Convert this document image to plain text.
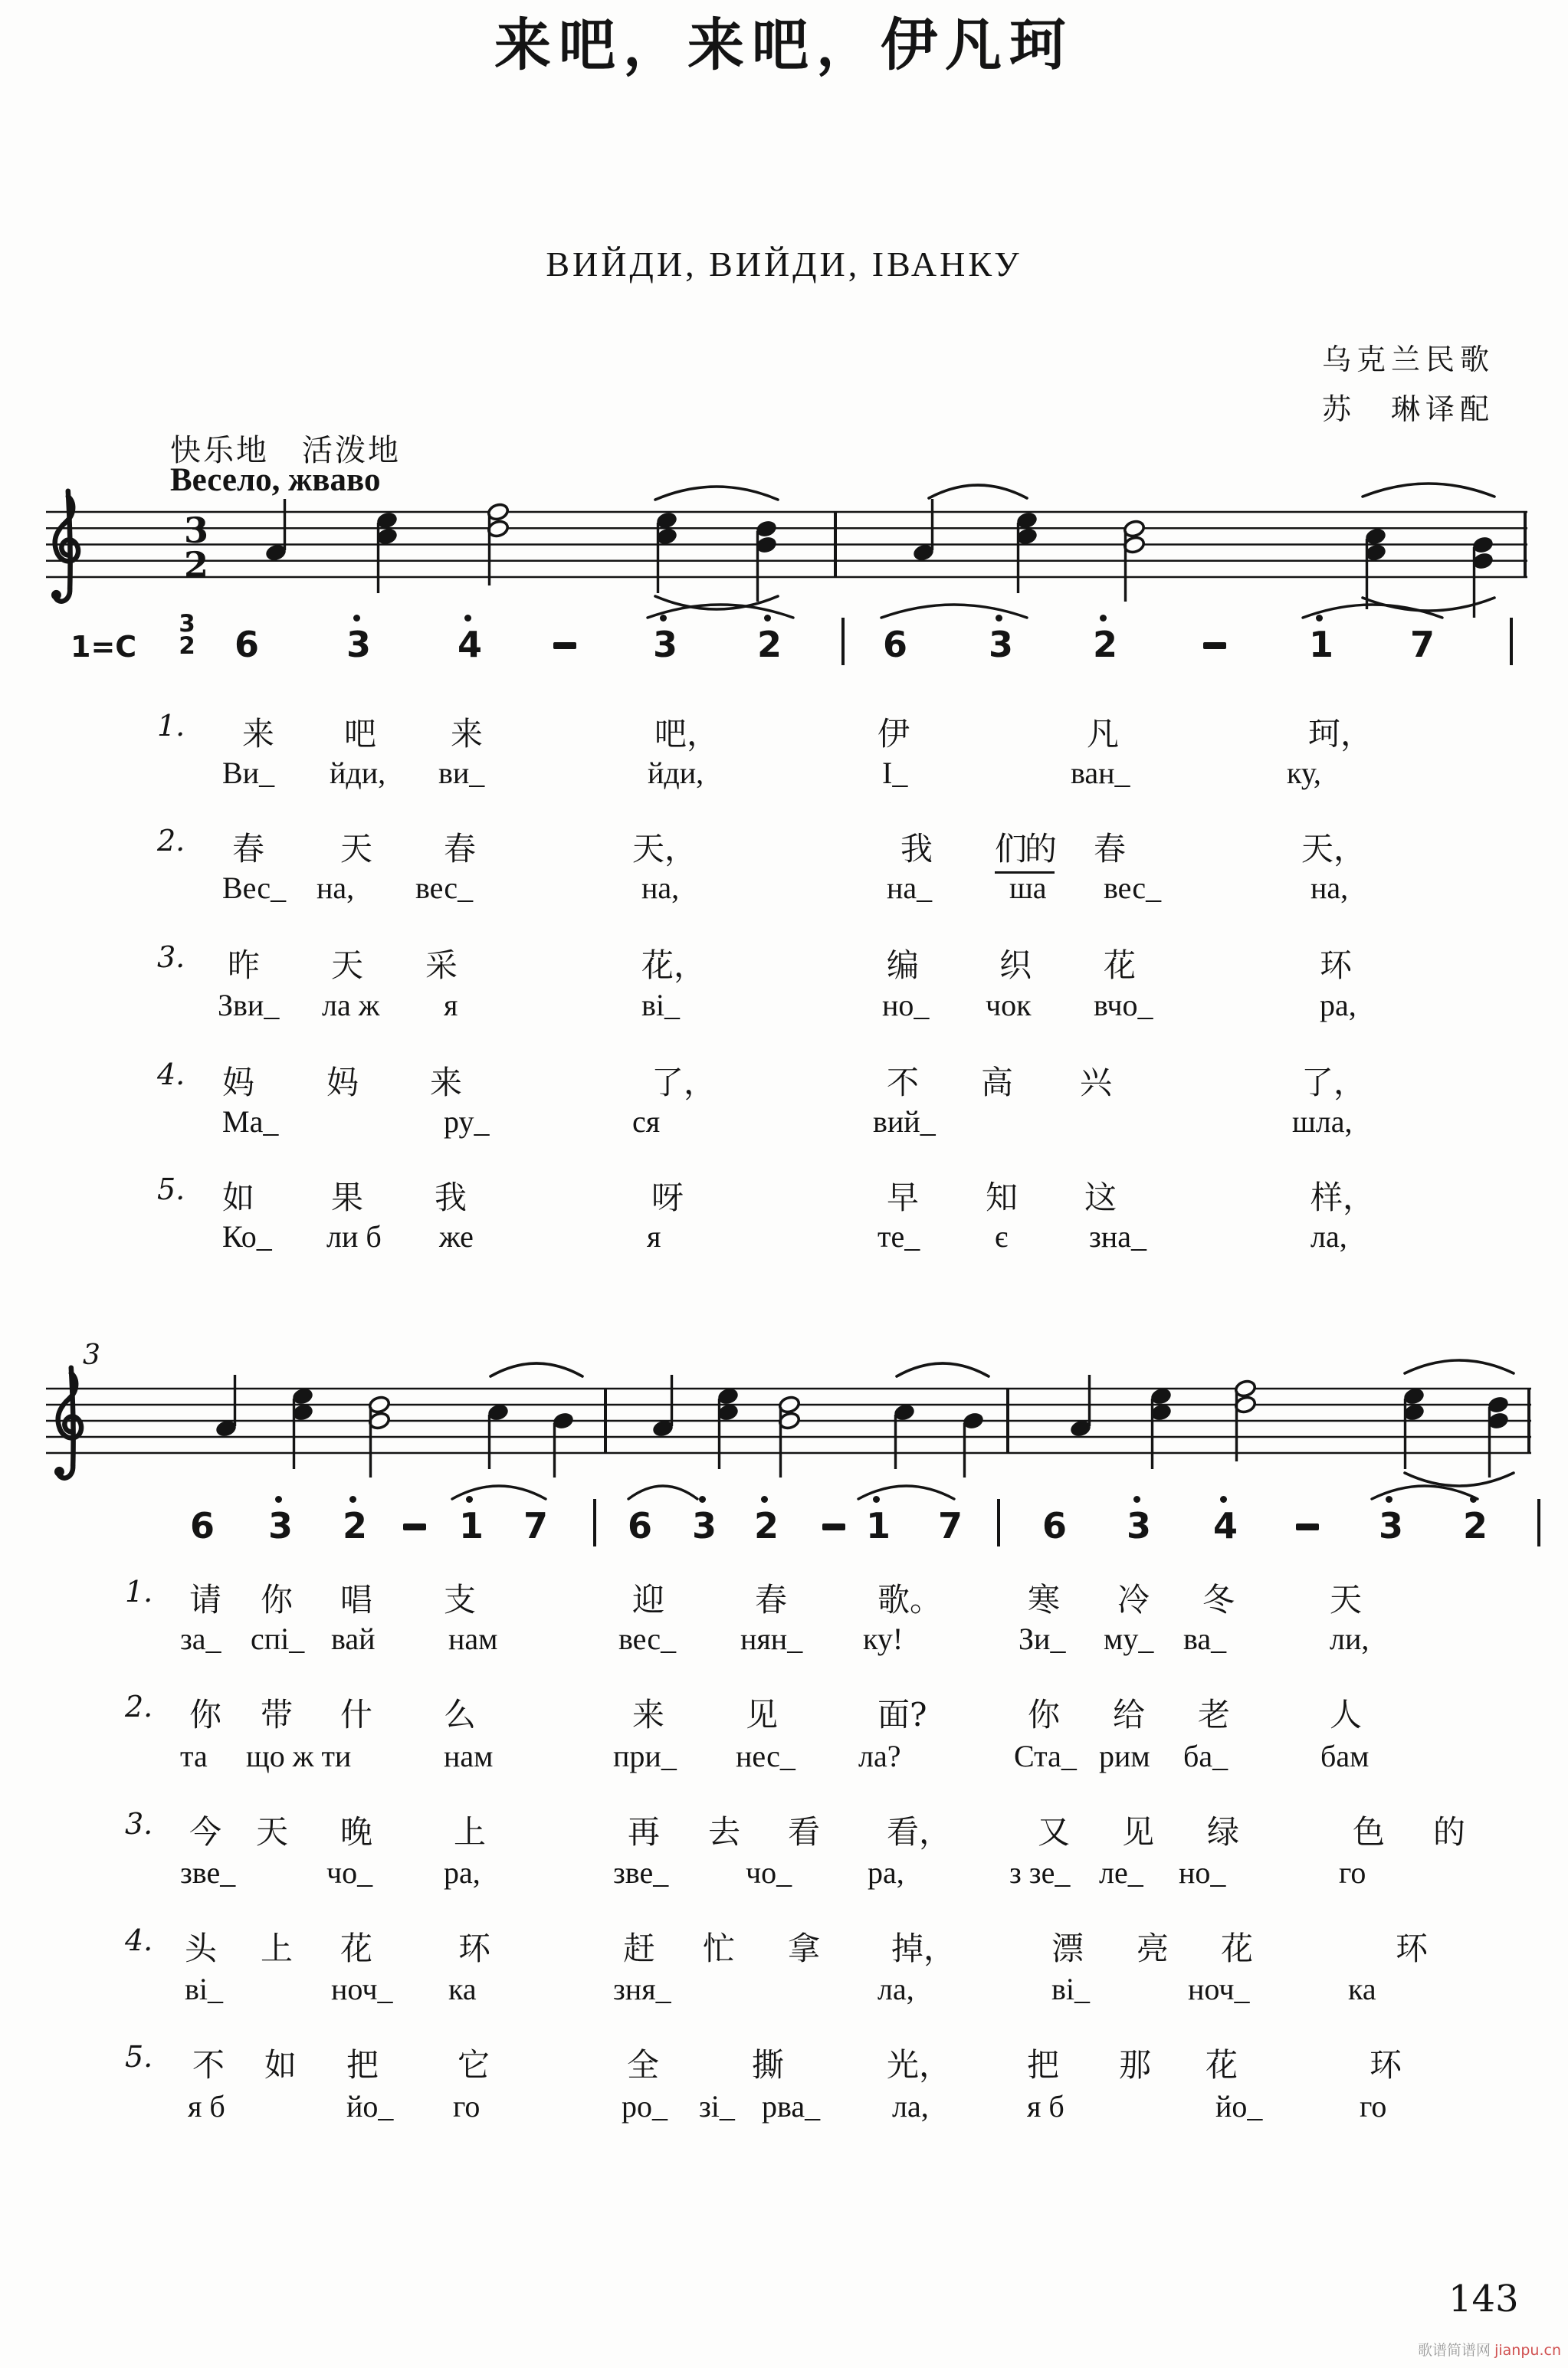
3
2
来吧，来吧，伊凡珂
ВИЙДИ, ВИЙДИ, ІВАНКУ
乌克兰民歌
苏　琳译配
快乐地　活泼地
Весело, жваво
1=C
3
2 6 3 4	3 2	6 3 2	1 7
6 3 2	1 7 6 3 2 1 7 6 3 4	3 2
3
1. 来 吧 来	吧，	伊	凡	珂，
Ви_ йди, ви_	йди,	І_	ван_	ку,
2. 春 天 春	天，	我 们的 春	天，
Вес_ на, вес_	на,	на_	ша вес_	на,
3. 昨 天 采	花，	编 织 花	环
Зви_ ла ж я	ві_	но_ чок вчо_	ра,
4. 妈 妈 来	了，	不 高 兴	了，
Ма_	ру_	ся	вий_	шла,
5. 如 果 我	呀	早 知 这	样，
Ко_ ли б же	я	те_ є	зна_	ла,
1. 请 你 唱 支	迎	春	歌。	寒 冷 冬	天
за_ спі_ вай нам	вес_ нян_ ку!	Зи_ му_ ва_	ли,
2. 你 带 什 么	来	见	面?	你 给 老	人
та що ж ти	нам	при_ нес_ ла?	Ста_ рим ба_	бам
3. 今 天 晚	上	再 去 看 看，	又 见 绿	色 的
зве_	чо_ ра,	зве_	чо_ ра,	з зе_ ле_ но_	го
4. 头 上 花	环	赶 忙 拿 掉，	漂 亮 花	环
ві_	ноч_ ка	зня_	ла,	ві_	ноч_	ка
5. 不 如 把 它	全	撕	光， 把 那 花	环
я б	йо_ го	ро_ зі_ рва_ ла,	я б	йо_	го
143
歌谱简谱网 jianpu.cn
